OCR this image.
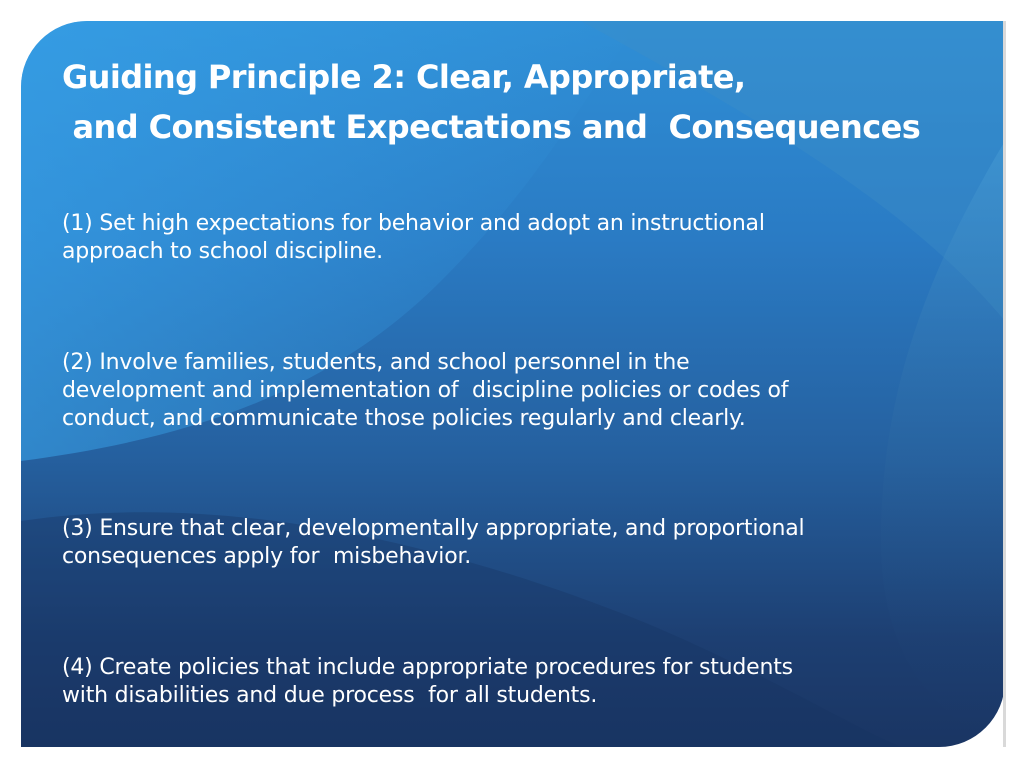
Guiding Principle 2: Clear, Appropriate,
and Consistent Expectations and  Consequences

(1) Set high expectations for behavior and adopt an instructional
approach to school discipline.

(2) Involve families, students, and school personnel in the
development and implementation of  discipline policies or codes of
conduct, and communicate those policies regularly and clearly.

(3) Ensure that clear, developmentally appropriate, and proportional
consequences apply for  misbehavior.

(4) Create policies that include appropriate procedures for students
with disabilities and due process  for all students.
